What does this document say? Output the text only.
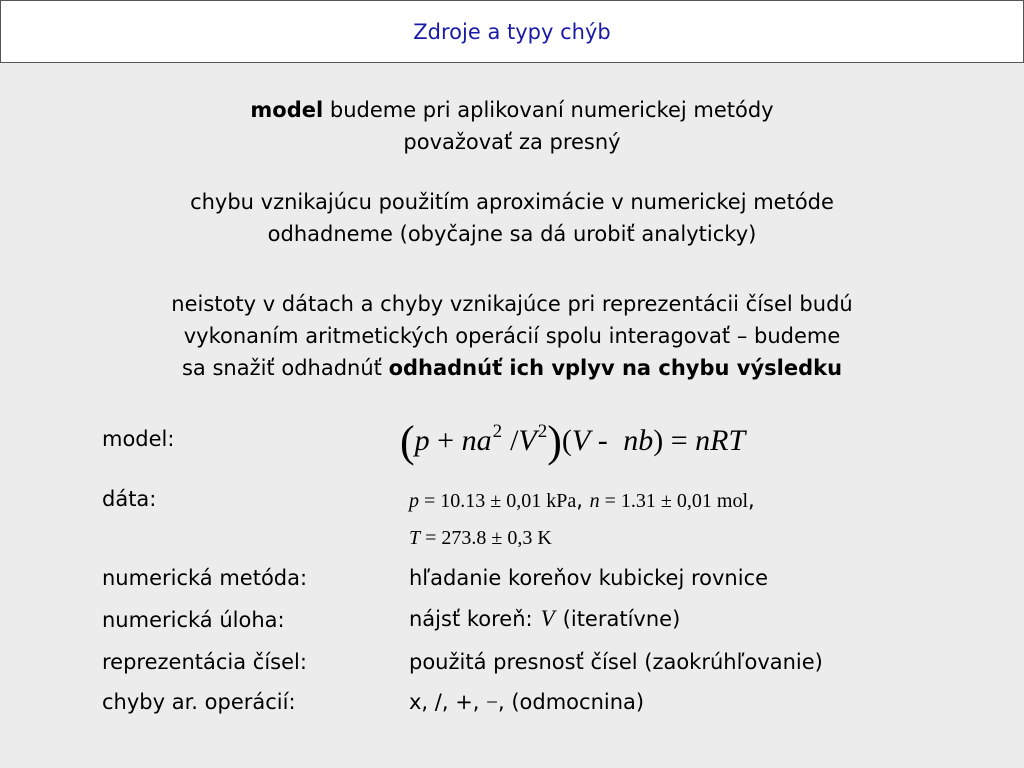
Zdroje a typy chýb
model budeme pri aplikovaní numerickej metódy
považovať za presný
chybu vznikajúcu použitím aproximácie v numerickej metóde
odhadneme (obyčajne sa dá urobiť analyticky)
neistoty v dátach a chyby vznikajúce pri reprezentácii čísel budú
vykonaním aritmetických operácií spolu interagovať – budeme
sa snažiť odhadnúť odhadnúť ich vplyv na chybu výsledku
model:	($p + na^2$ $/V^2)(V - nb)$ = nRT
dáta:	p = 10.13 ± 0,01 kPa, n = 1.31 ± 0,01 mol,
T = 273.8 ± 0,3 K
numerická metóda:	hľadanie koreňov kubickej rovnice
numerická úloha:	nájsť koreň: V (iteratívne)
reprezentácia čísel:	použitá presnosť čísel (zaokrúhľovanie)
chyby ar. operácií:	x, /, +, −, (odmocnina)
